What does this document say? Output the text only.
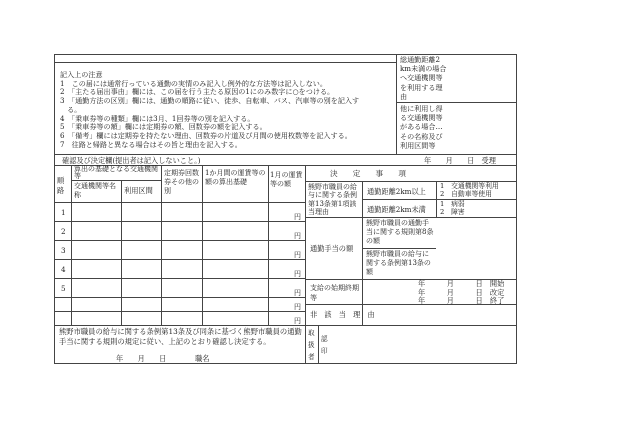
記入上の注意
1　この届には通常行っている通勤の実情のみ記入し例外的な方法等は記入しない。
2　「主たる届出事由」欄には、この届を行う主たる原因の1にのみ数字に○をつける。
3　「通勤方法の区別」欄には、通勤の順路に従い、徒歩、自転車、バス、汽車等の別を記入す
　る。
4　「乗車券等の種類」欄には3月、1回券等の別を記入する。
5　「乗車券等の額」欄には定期券の額、回数券の額を記入する。
6　「備考」欄には定期券を持たない理由、回数券の片道及び月間の使用枚数等を記入する。
7　往路と帰路と異なる場合はその旨と理由を記入する。
総通勤距離2
km未満の場合
へ交通機関等
を利用する理
由
他に利用し得
る交通機関等
がある場合…
その名称及び
利用区間等
確認及び決定欄(提出者は記入しないこと。)	年　　月　　日　受理
順路
算出の基礎となる交通機関等
交通機関等名　　称	利用区間
定期券回数券その他の別
1か月間の運賃等の額の算出基礎
1月の運賃等の額
決　　定　　事　　項
1
2
3
4
5
円
円
円
円
円
円
円
熊野市職員の給与に関する条例第13条第1項該当理由
通勤距離2km以上
通勤距離2km未満
1　交通機関等利用
2　自動車等使用
1　病弱
2　障害
通勤手当の額
熊野市職員の通勤手当に関する規則第8条の額
熊野市職員の給与に関する条例第13条の額
支給の始期終期等
年　　　月　　　日　開始
年　　　月　　　日　改定
年　　　月　　　日　終了
非　該　当　理　由
熊野市職員の給与に関する条例第13条及び同条に基づく熊野市職員の通勤手当に関する規則の規定に従い、上記のとおり確認し決定する。
年　　月　　日　　　　職名
取
扱
者
認
印
